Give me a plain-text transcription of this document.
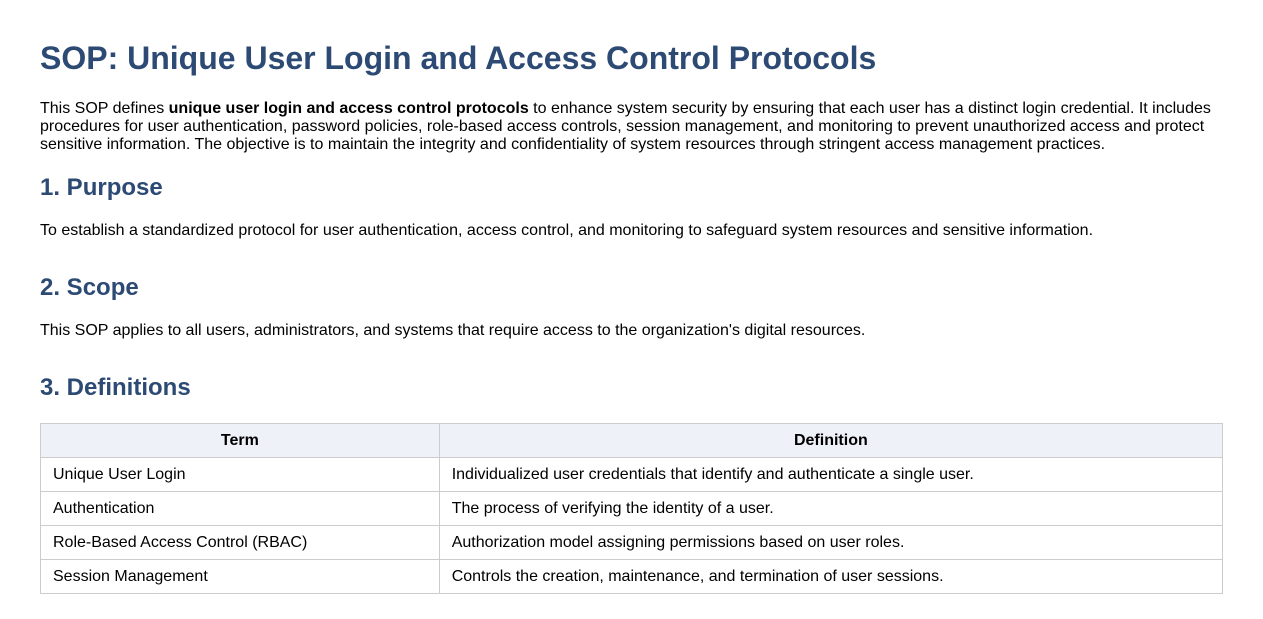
SOP: Unique User Login and Access Control Protocols

This SOP defines unique user login and access control protocols to enhance system security by ensuring that each user has a distinct login credential. It includes procedures for user authentication, password policies, role-based access controls, session management, and monitoring to prevent unauthorized access and protect sensitive information. The objective is to maintain the integrity and confidentiality of system resources through stringent access management practices.

1. Purpose

To establish a standardized protocol for user authentication, access control, and monitoring to safeguard system resources and sensitive information.

2. Scope

This SOP applies to all users, administrators, and systems that require access to the organization's digital resources.

3. Definitions
Term	Definition
Unique User Login	Individualized user credentials that identify and authenticate a single user.
Authentication	The process of verifying the identity of a user.
Role-Based Access Control (RBAC)	Authorization model assigning permissions based on user roles.
Session Management	Controls the creation, maintenance, and termination of user sessions.
